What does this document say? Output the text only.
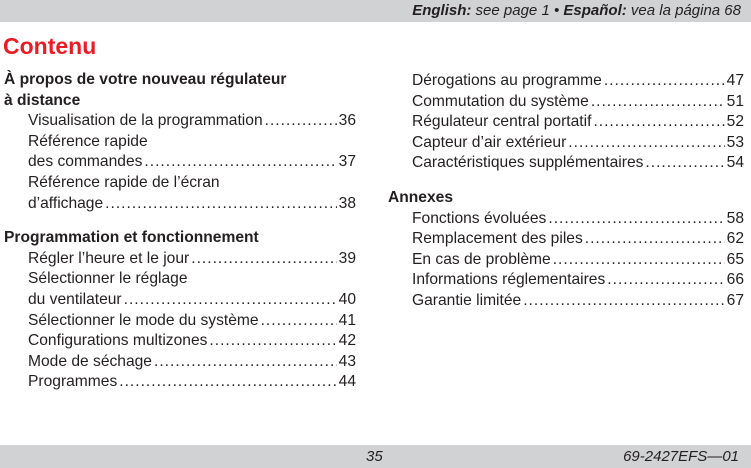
English: see page 1 • Español: vea la página 68
Contenu
À propos de votre nouveau régulateur
à distance
Visualisation de la programmation .....	36
Référence rapide
des commandes .....	37
Référence rapide de l’écran
d’affichage .....	38
Programmation et fonctionnement
Régler l’heure et le jour .....	39
Sélectionner le réglage
du ventilateur .....	40
Sélectionner le mode du système .....	41
Configurations multizones .....	42
Mode de séchage .....	43
Programmes .....	44
Dérogations au programme .....	47
Commutation du système .....	51
Régulateur central portatif .....	52
Capteur d’air extérieur .....	53
Caractéristiques supplémentaires .....	54
Annexes
Fonctions évoluées .....	58
Remplacement des piles .....	62
En cas de problème .....	65
Informations réglementaires .....	66
Garantie limitée .....	67
35	69-2427EFS—01
